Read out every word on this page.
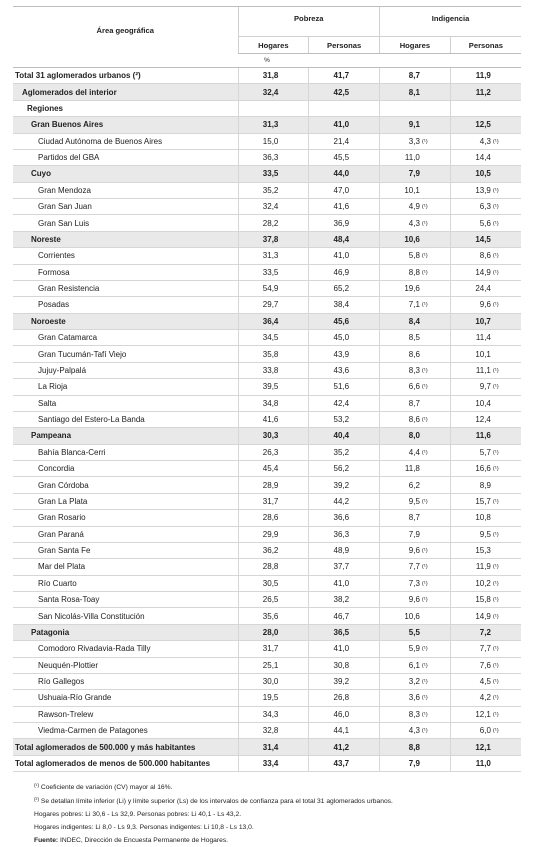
Área geográfica	Pobreza		Indigencia	
	Hogares	Personas	Hogares	Personas
%				
Total 31 aglomerados urbanos (²)	31,8	41,7	8,7	11,9
Aglomerados del interior	32,4	42,5	8,1	11,2
Regiones				
Gran Buenos Aires	31,3	41,0	9,1	12,5
Ciudad Autónoma de Buenos Aires	15,0	21,4	3,3 (¹)	4,3 (¹)
Partidos del GBA	36,3	45,5	11,0	14,4
Cuyo	33,5	44,0	7,9	10,5
Gran Mendoza	35,2	47,0	10,1	13,9 (¹)
Gran San Juan	32,4	41,6	4,9 (¹)	6,3 (¹)
Gran San Luis	28,2	36,9	4,3 (¹)	5,6 (¹)
Noreste	37,8	48,4	10,6	14,5
Corrientes	31,3	41,0	5,8 (¹)	8,6 (¹)
Formosa	33,5	46,9	8,8 (¹)	14,9 (¹)
Gran Resistencia	54,9	65,2	19,6	24,4
Posadas	29,7	38,4	7,1 (¹)	9,6 (¹)
Noroeste	36,4	45,6	8,4	10,7
Gran Catamarca	34,5	45,0	8,5	11,4
Gran Tucumán-Tafí Viejo	35,8	43,9	8,6	10,1
Jujuy-Palpalá	33,8	43,6	8,3 (¹)	11,1 (¹)
La Rioja	39,5	51,6	6,6 (¹)	9,7 (¹)
Salta	34,8	42,4	8,7	10,4
Santiago del Estero-La Banda	41,6	53,2	8,6 (¹)	12,4
Pampeana	30,3	40,4	8,0	11,6
Bahía Blanca-Cerri	26,3	35,2	4,4 (¹)	5,7 (¹)
Concordia	45,4	56,2	11,8	16,6 (¹)
Gran Córdoba	28,9	39,2	6,2	8,9
Gran La Plata	31,7	44,2	9,5 (¹)	15,7 (¹)
Gran Rosario	28,6	36,6	8,7	10,8
Gran Paraná	29,9	36,3	7,9	9,5 (¹)
Gran Santa Fe	36,2	48,9	9,6 (¹)	15,3
Mar del Plata	28,8	37,7	7,7 (¹)	11,9 (¹)
Río Cuarto	30,5	41,0	7,3 (¹)	10,2 (¹)
Santa Rosa-Toay	26,5	38,2	9,6 (¹)	15,8 (¹)
San Nicolás-Villa Constitución	35,6	46,7	10,6	14,9 (¹)
Patagonia	28,0	36,5	5,5	7,2
Comodoro Rivadavia-Rada Tilly	31,7	41,0	5,9 (¹)	7,7 (¹)
Neuquén-Plottier	25,1	30,8	6,1 (¹)	7,6 (¹)
Río Gallegos	30,0	39,2	3,2 (¹)	4,5 (¹)
Ushuaia-Río Grande	19,5	26,8	3,6 (¹)	4,2 (¹)
Rawson-Trelew	34,3	46,0	8,3 (¹)	12,1 (¹)
Viedma-Carmen de Patagones	32,8	44,1	4,3 (¹)	6,0 (¹)
Total aglomerados de 500.000 y más habitantes	31,4	41,2	8,8	12,1
Total aglomerados de menos de 500.000 habitantes	33,4	43,7	7,9	11,0
$^{(^1)}$ Coeficiente de variación (CV) mayor al 16%.
$^{(^2)}$ Se detallan límite inferior (Li) y límite superior (Ls) de los intervalos de confianza para el total 31 aglomerados urbanos.
Hogares pobres: Li 30,6 - Ls 32,9. Personas pobres: Li 40,1 - Ls 43,2.
Hogares indigentes: Li 8,0 - Ls 9,3. Personas indigentes: Li 10,8 - Ls 13,0.
Fuente: INDEC, Dirección de Encuesta Permanente de Hogares.
